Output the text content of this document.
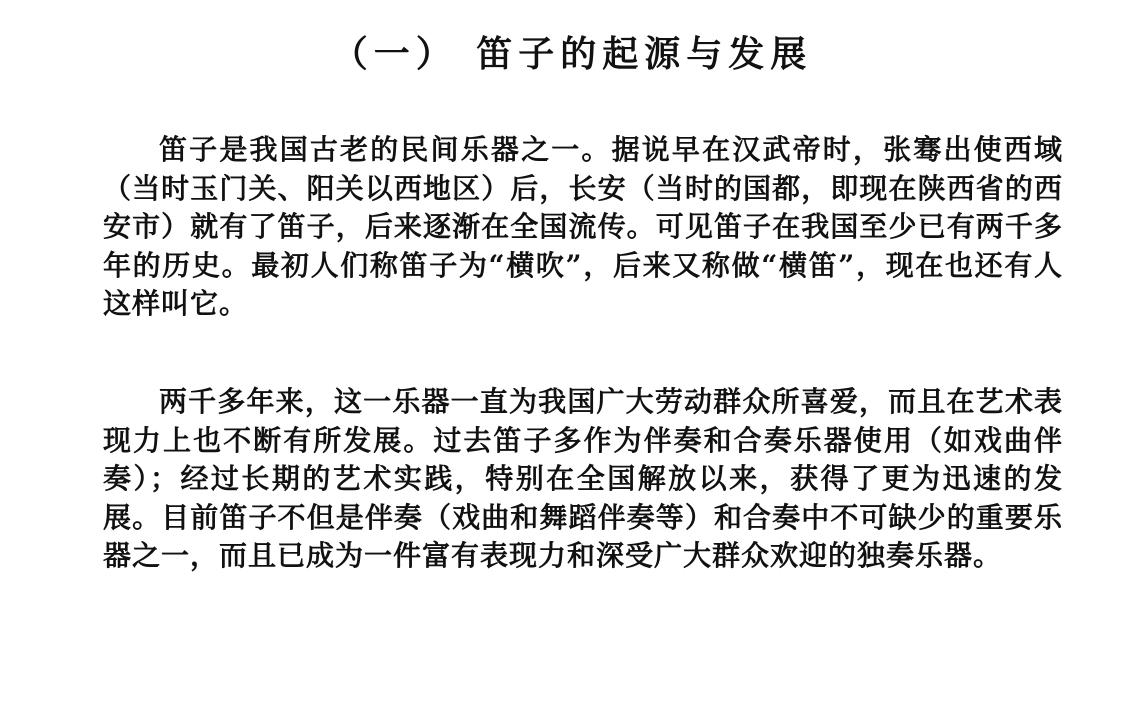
（一） 笛子的起源与发展

笛子是我国古老的民间乐器之一。据说早在汉武帝时，张骞出使西域（当时玉门关、阳关以西地区）后，长安（当时的国都，即现在陕西省的西安市）就有了笛子，后来逐渐在全国流传。可见笛子在我国至少已有两千多年的历史。最初人们称笛子为“横吹”，后来又称做“横笛”，现在也还有人这样叫它。

两千多年来，这一乐器一直为我国广大劳动群众所喜爱，而且在艺术表现力上也不断有所发展。过去笛子多作为伴奏和合奏乐器使用（如戏曲伴奏）；经过长期的艺术实践，特别在全国解放以来，获得了更为迅速的发展。目前笛子不但是伴奏（戏曲和舞蹈伴奏等）和合奏中不可缺少的重要乐器之一，而且已成为一件富有表现力和深受广大群众欢迎的独奏乐器。
